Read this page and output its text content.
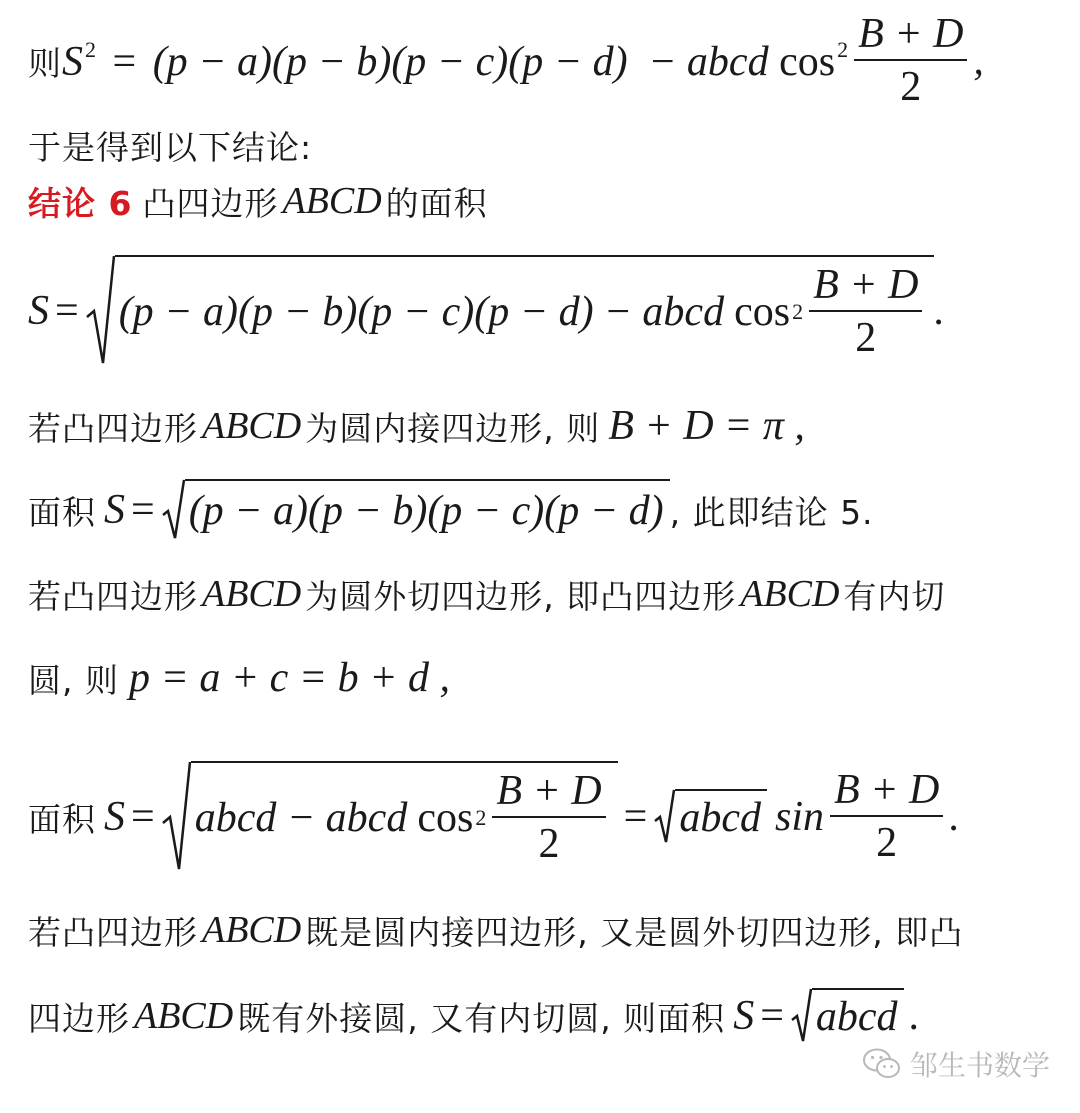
则 $S^2 = (p - a)(p - b)(p - c)(p - d)$ − abcd $\cos^2 \frac{B + D}{2}$ ,
于是得到以下结论:
结论 6 凸四边形 ABCD 的面积
S = (p − a)(p − b)(p − c)(p − d) − abcd $\cos 2 \frac{B + D}{2}$ .
若凸四边形 ABCD 为圆内接四边形, 则 B + D = π ,
面积 S = (p − a)(p − b)(p − c)(p − d) , 此即结论 5.
若凸四边形 ABCD 为圆外切四边形, 即凸四边形 ABCD 有内切
圆, 则 p = a + c = b + d ,
面积 S = abcd − abcd $\cos 2 \frac{B + D}{2}$ = abcd $\sin \frac{B + D}{2}$ .
若凸四边形 ABCD 既是圆内接四边形, 又是圆外切四边形, 即凸
四边形 ABCD 既有外接圆, 又有内切圆, 则面积 S = abcd .
邹生书数学
